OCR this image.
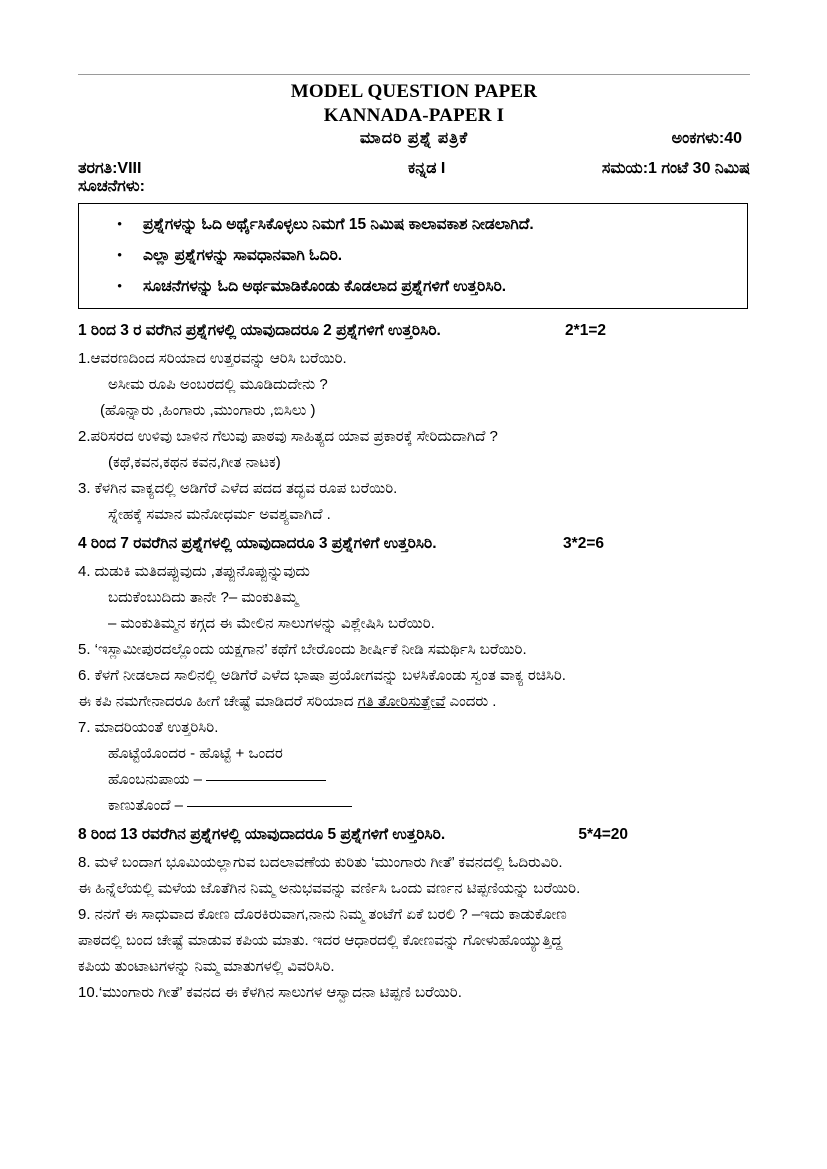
MODEL QUESTION PAPER
KANNADA-PAPER I
ಮಾದರಿ ಪ್ರಶ್ನೆ ಪತ್ರಿಕೆ	ಅಂಕಗಳು:40
ತರಗತಿ:VIII	ಕನ್ನಡ I	ಸಮಯ:1 ಗಂಟೆ 30 ನಿಮಿಷ
ಸೂಚನೆಗಳು:
•	ಪ್ರಶ್ನೆಗಳನ್ನು ಓದಿ ಅರ್ಥೈಸಿಕೊಳ್ಳಲು ನಿಮಗೆ 15 ನಿಮಿಷ ಕಾಲಾವಕಾಶ ನೀಡಲಾಗಿದೆ.
•	ಎಲ್ಲಾ ಪ್ರಶ್ನೆಗಳನ್ನು ಸಾವಧಾನವಾಗಿ ಓದಿರಿ.
•	ಸೂಚನೆಗಳನ್ನು ಓದಿ ಅರ್ಥಮಾಡಿಕೊಂಡು ಕೊಡಲಾದ ಪ್ರಶ್ನೆಗಳಿಗೆ ಉತ್ತರಿಸಿರಿ.
1 ರಿಂದ 3 ರ ವರೆಗಿನ ಪ್ರಶ್ನೆಗಳಲ್ಲಿ ಯಾವುದಾದರೂ 2 ಪ್ರಶ್ನೆಗಳಿಗೆ ಉತ್ತರಿಸಿರಿ.	2*1=2
1.ಆವರಣದಿಂದ ಸರಿಯಾದ ಉತ್ತರವನ್ನು ಆರಿಸಿ ಬರೆಯಿರಿ.
ಅಸೀಮ ರೂಪಿ ಅಂಬರದಲ್ಲಿ ಮೂಡಿದುದೇನು ?
(ಹೊನ್ನಾರು ,ಹಿಂಗಾರು ,ಮುಂಗಾರು ,ಬಿಸಿಲು )
2.ಪರಿಸರದ ಉಳಿವು ಬಾಳಿನ ಗೆಲುವು ಪಾಠವು ಸಾಹಿತ್ಯದ ಯಾವ ಪ್ರಕಾರಕ್ಕೆ ಸೇರಿದುದಾಗಿದೆ ?
(ಕಥೆ,ಕವನ,ಕಥನ ಕವನ,ಗೀತ ನಾಟಕ)
3. ಕೆಳಗಿನ ವಾಕ್ಯದಲ್ಲಿ ಅಡಿಗೆರೆ ಎಳೆದ ಪದದ ತದ್ಭವ ರೂಪ ಬರೆಯಿರಿ.
ಸ್ನೇಹಕ್ಕೆ ಸಮಾನ ಮನೋಧರ್ಮ ಅವಶ್ಯವಾಗಿದೆ .
4 ರಿಂದ 7 ರವರೆಗಿನ ಪ್ರಶ್ನೆಗಳಲ್ಲಿ ಯಾವುದಾದರೂ 3 ಪ್ರಶ್ನೆಗಳಿಗೆ ಉತ್ತರಿಸಿರಿ.	3*2=6
4. ದುಡುಕಿ ಮತಿದಪ್ಪುವುದು ,ತಪ್ಪುನೊಪ್ಪುನ್ನುವುದು
ಬದುಕೆಂಬುದಿದು ತಾನೇ ?– ಮಂಕುತಿಮ್ಮ
– ಮಂಕುತಿಮ್ಮನ ಕಗ್ಗದ ಈ ಮೇಲಿನ ಸಾಲುಗಳನ್ನು ವಿಶ್ಲೇಷಿಸಿ ಬರೆಯಿರಿ.
5. ‘ಇಸ್ಲಾಮೀಪುರದಲ್ಲೊಂದು ಯಕ್ಷಗಾನ’ ಕಥೆಗೆ ಬೇರೊಂದು ಶೀರ್ಷಿಕೆ ನೀಡಿ ಸಮರ್ಥಿಸಿ ಬರೆಯಿರಿ.
6. ಕೆಳಗೆ ನೀಡಲಾದ ಸಾಲಿನಲ್ಲಿ ಅಡಿಗೆರೆ ಎಳೆದ ಭಾಷಾ ಪ್ರಯೋಗವನ್ನು ಬಳಸಿಕೊಂಡು ಸ್ವಂತ ವಾಕ್ಯ ರಚಿಸಿರಿ.
ಈ ಕಪಿ ನಮಗೇನಾದರೂ ಹೀಗೆ ಚೇಷ್ಟೆ ಮಾಡಿದರೆ ಸರಿಯಾದ ಗತಿ ತೋರಿಸುತ್ತೇವೆ ಎಂದರು .
7. ಮಾದರಿಯಂತೆ ಉತ್ತರಿಸಿರಿ.
ಹೊಟ್ಟೆಯೊಂದರ - ಹೊಟ್ಟೆ + ಒಂದರ
ಹೊಂಬನುಪಾಯ –
ಕಾಣುತೊಂದೆ –
8 ರಿಂದ 13 ರವರೆಗಿನ ಪ್ರಶ್ನೆಗಳಲ್ಲಿ ಯಾವುದಾದರೂ 5 ಪ್ರಶ್ನೆಗಳಿಗೆ ಉತ್ತರಿಸಿರಿ.	5*4=20
8. ಮಳೆ ಬಂದಾಗ ಭೂಮಿಯಲ್ಲಾಗುವ ಬದಲಾವಣೆಯ ಕುರಿತು ‘ಮುಂಗಾರು ಗೀತೆ’ ಕವನದಲ್ಲಿ ಓದಿರುವಿರಿ.
ಈ ಹಿನ್ನೆಲೆಯಲ್ಲಿ ಮಳೆಯ ಜೊತೆಗಿನ ನಿಮ್ಮ ಅನುಭವವನ್ನು ವರ್ಣಿಸಿ ಒಂದು ವರ್ಣನ ಟಿಪ್ಪಣಿಯನ್ನು ಬರೆಯಿರಿ.
9. ನನಗೆ ಈ ಸಾಧುವಾದ ಕೋಣ ದೊರಕಿರುವಾಗ,ನಾನು ನಿಮ್ಮ ತಂಟೆಗೆ ಏಕೆ ಬರಲಿ ? –ಇದು ಕಾಡುಕೋಣ
ಪಾಠದಲ್ಲಿ ಬಂದ ಚೇಷ್ಟೆ ಮಾಡುವ ಕಪಿಯ ಮಾತು. ಇದರ ಆಧಾರದಲ್ಲಿ ಕೋಣವನ್ನು ಗೋಳುಹೊಯ್ಯುತ್ತಿದ್ದ
ಕಪಿಯ ತುಂಟಾಟಗಳನ್ನು ನಿಮ್ಮ ಮಾತುಗಳಲ್ಲಿ ವಿವರಿಸಿರಿ.
10.‘ಮುಂಗಾರು ಗೀತೆ’ ಕವನದ ಈ ಕೆಳಗಿನ ಸಾಲುಗಳ ಆಸ್ವಾದನಾ ಟಿಪ್ಪಣಿ ಬರೆಯಿರಿ.
